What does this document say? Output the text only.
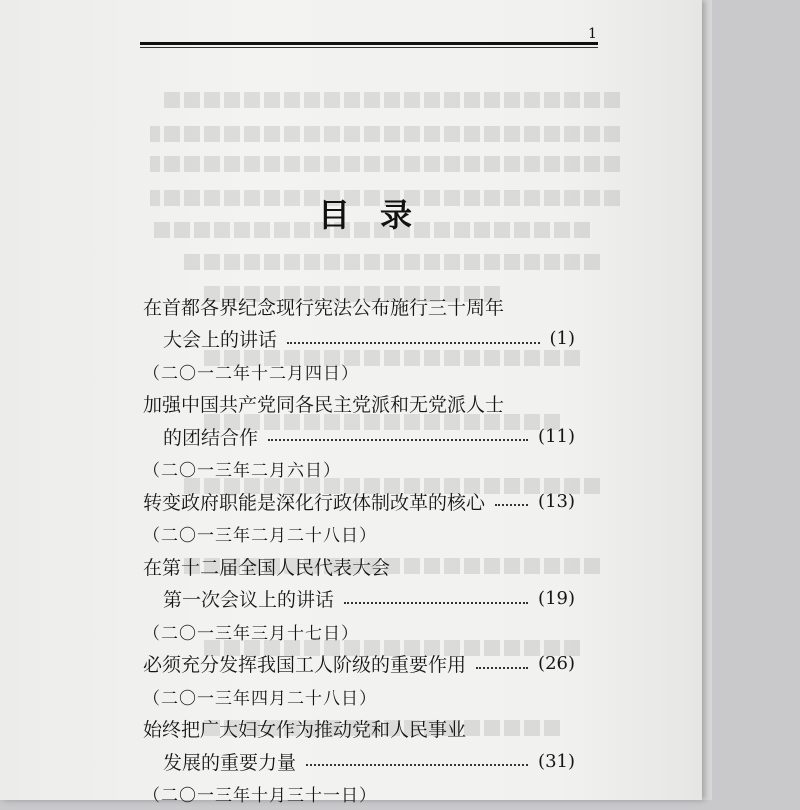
1
目录
在首都各界纪念现行宪法公布施行三十周年
大会上的讲话	(1)
（二〇一二年十二月四日）
加强中国共产党同各民主党派和无党派人士
的团结合作	(11)
（二〇一三年二月六日）
转变政府职能是深化行政体制改革的核心	(13)
（二〇一三年二月二十八日）
在第十二届全国人民代表大会
第一次会议上的讲话	(19)
（二〇一三年三月十七日）
必须充分发挥我国工人阶级的重要作用	(26)
（二〇一三年四月二十八日）
始终把广大妇女作为推动党和人民事业
发展的重要力量	(31)
（二〇一三年十月三十一日）
